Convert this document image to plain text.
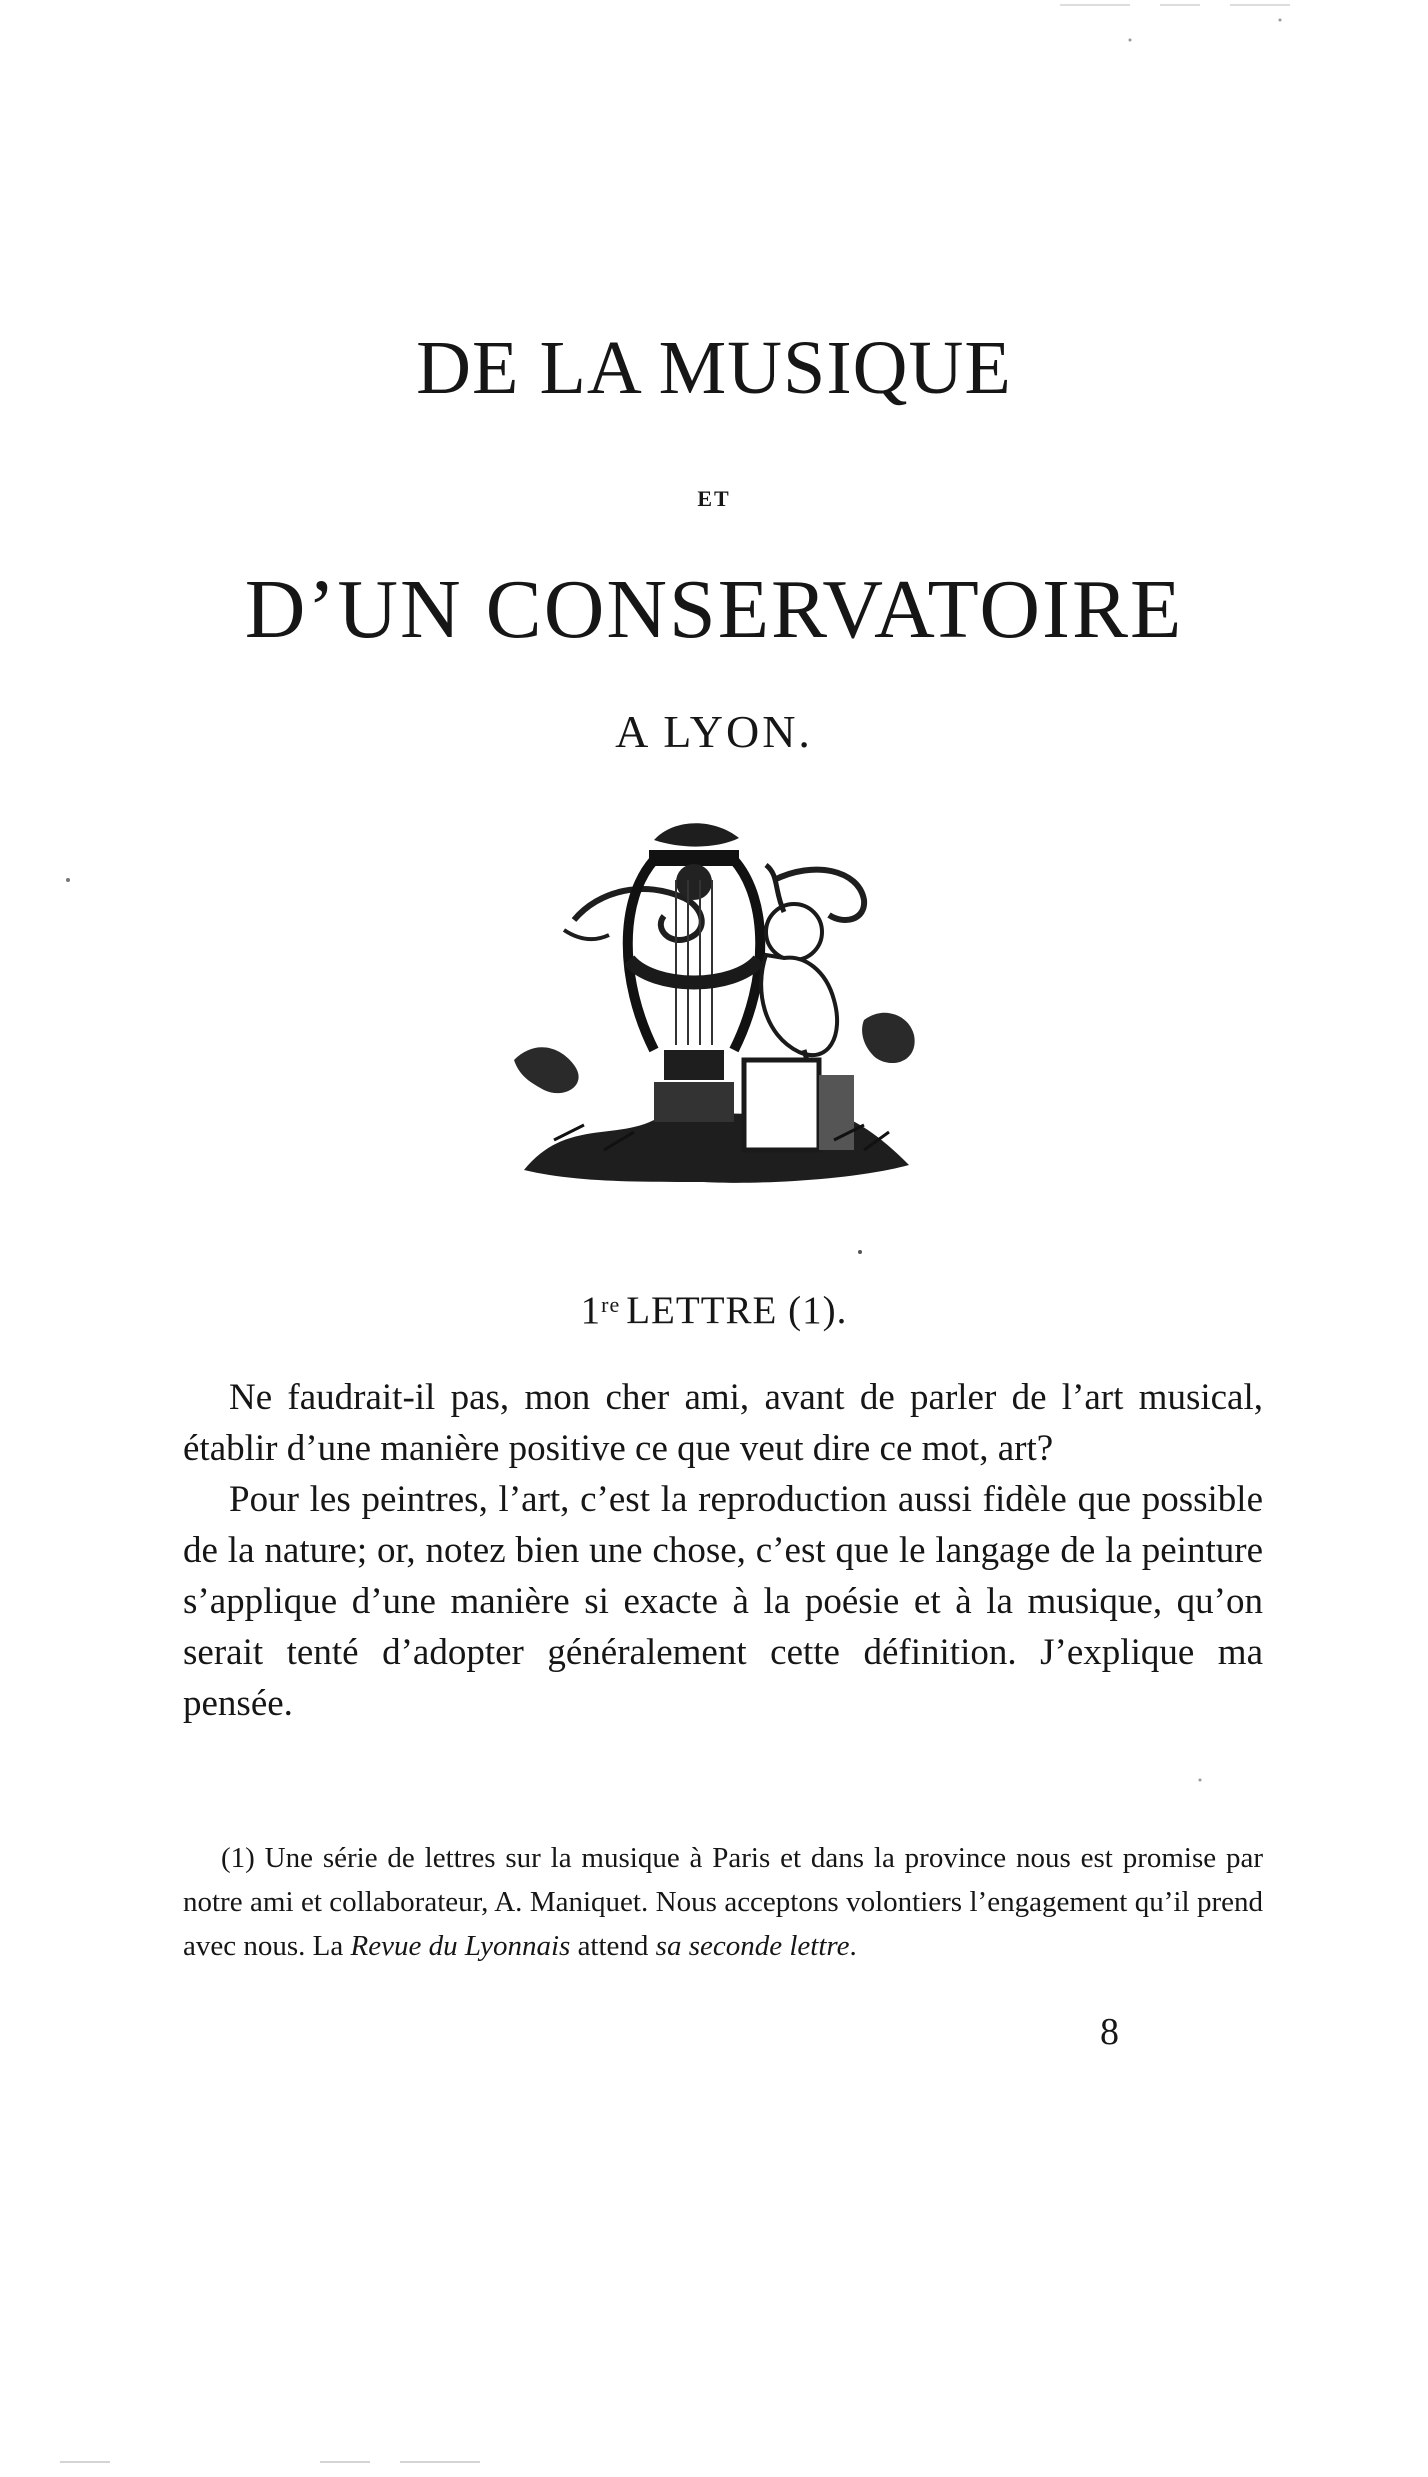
DE LA MUSIQUE
ET
D’UN CONSERVATOIRE
A LYON.
1re LETTRE (1).

Ne faudrait-il pas, mon cher ami, avant de parler de l’art musical, établir d’une manière positive ce que veut dire ce mot, art?

Pour les peintres, l’art, c’est la reproduction aussi fidèle que possible de la nature; or, notez bien une chose, c’est que le langage de la peinture s’applique d’une manière si exacte à la poésie et à la musique, qu’on serait tenté d’adopter généralement cette définition. J’explique ma pensée.

(1) Une série de lettres sur la musique à Paris et dans la province nous est promise par notre ami et collaborateur, A. Maniquet. Nous acceptons volontiers l’engagement qu’il prend avec nous. La Revue du Lyonnais attend sa seconde lettre.

8
